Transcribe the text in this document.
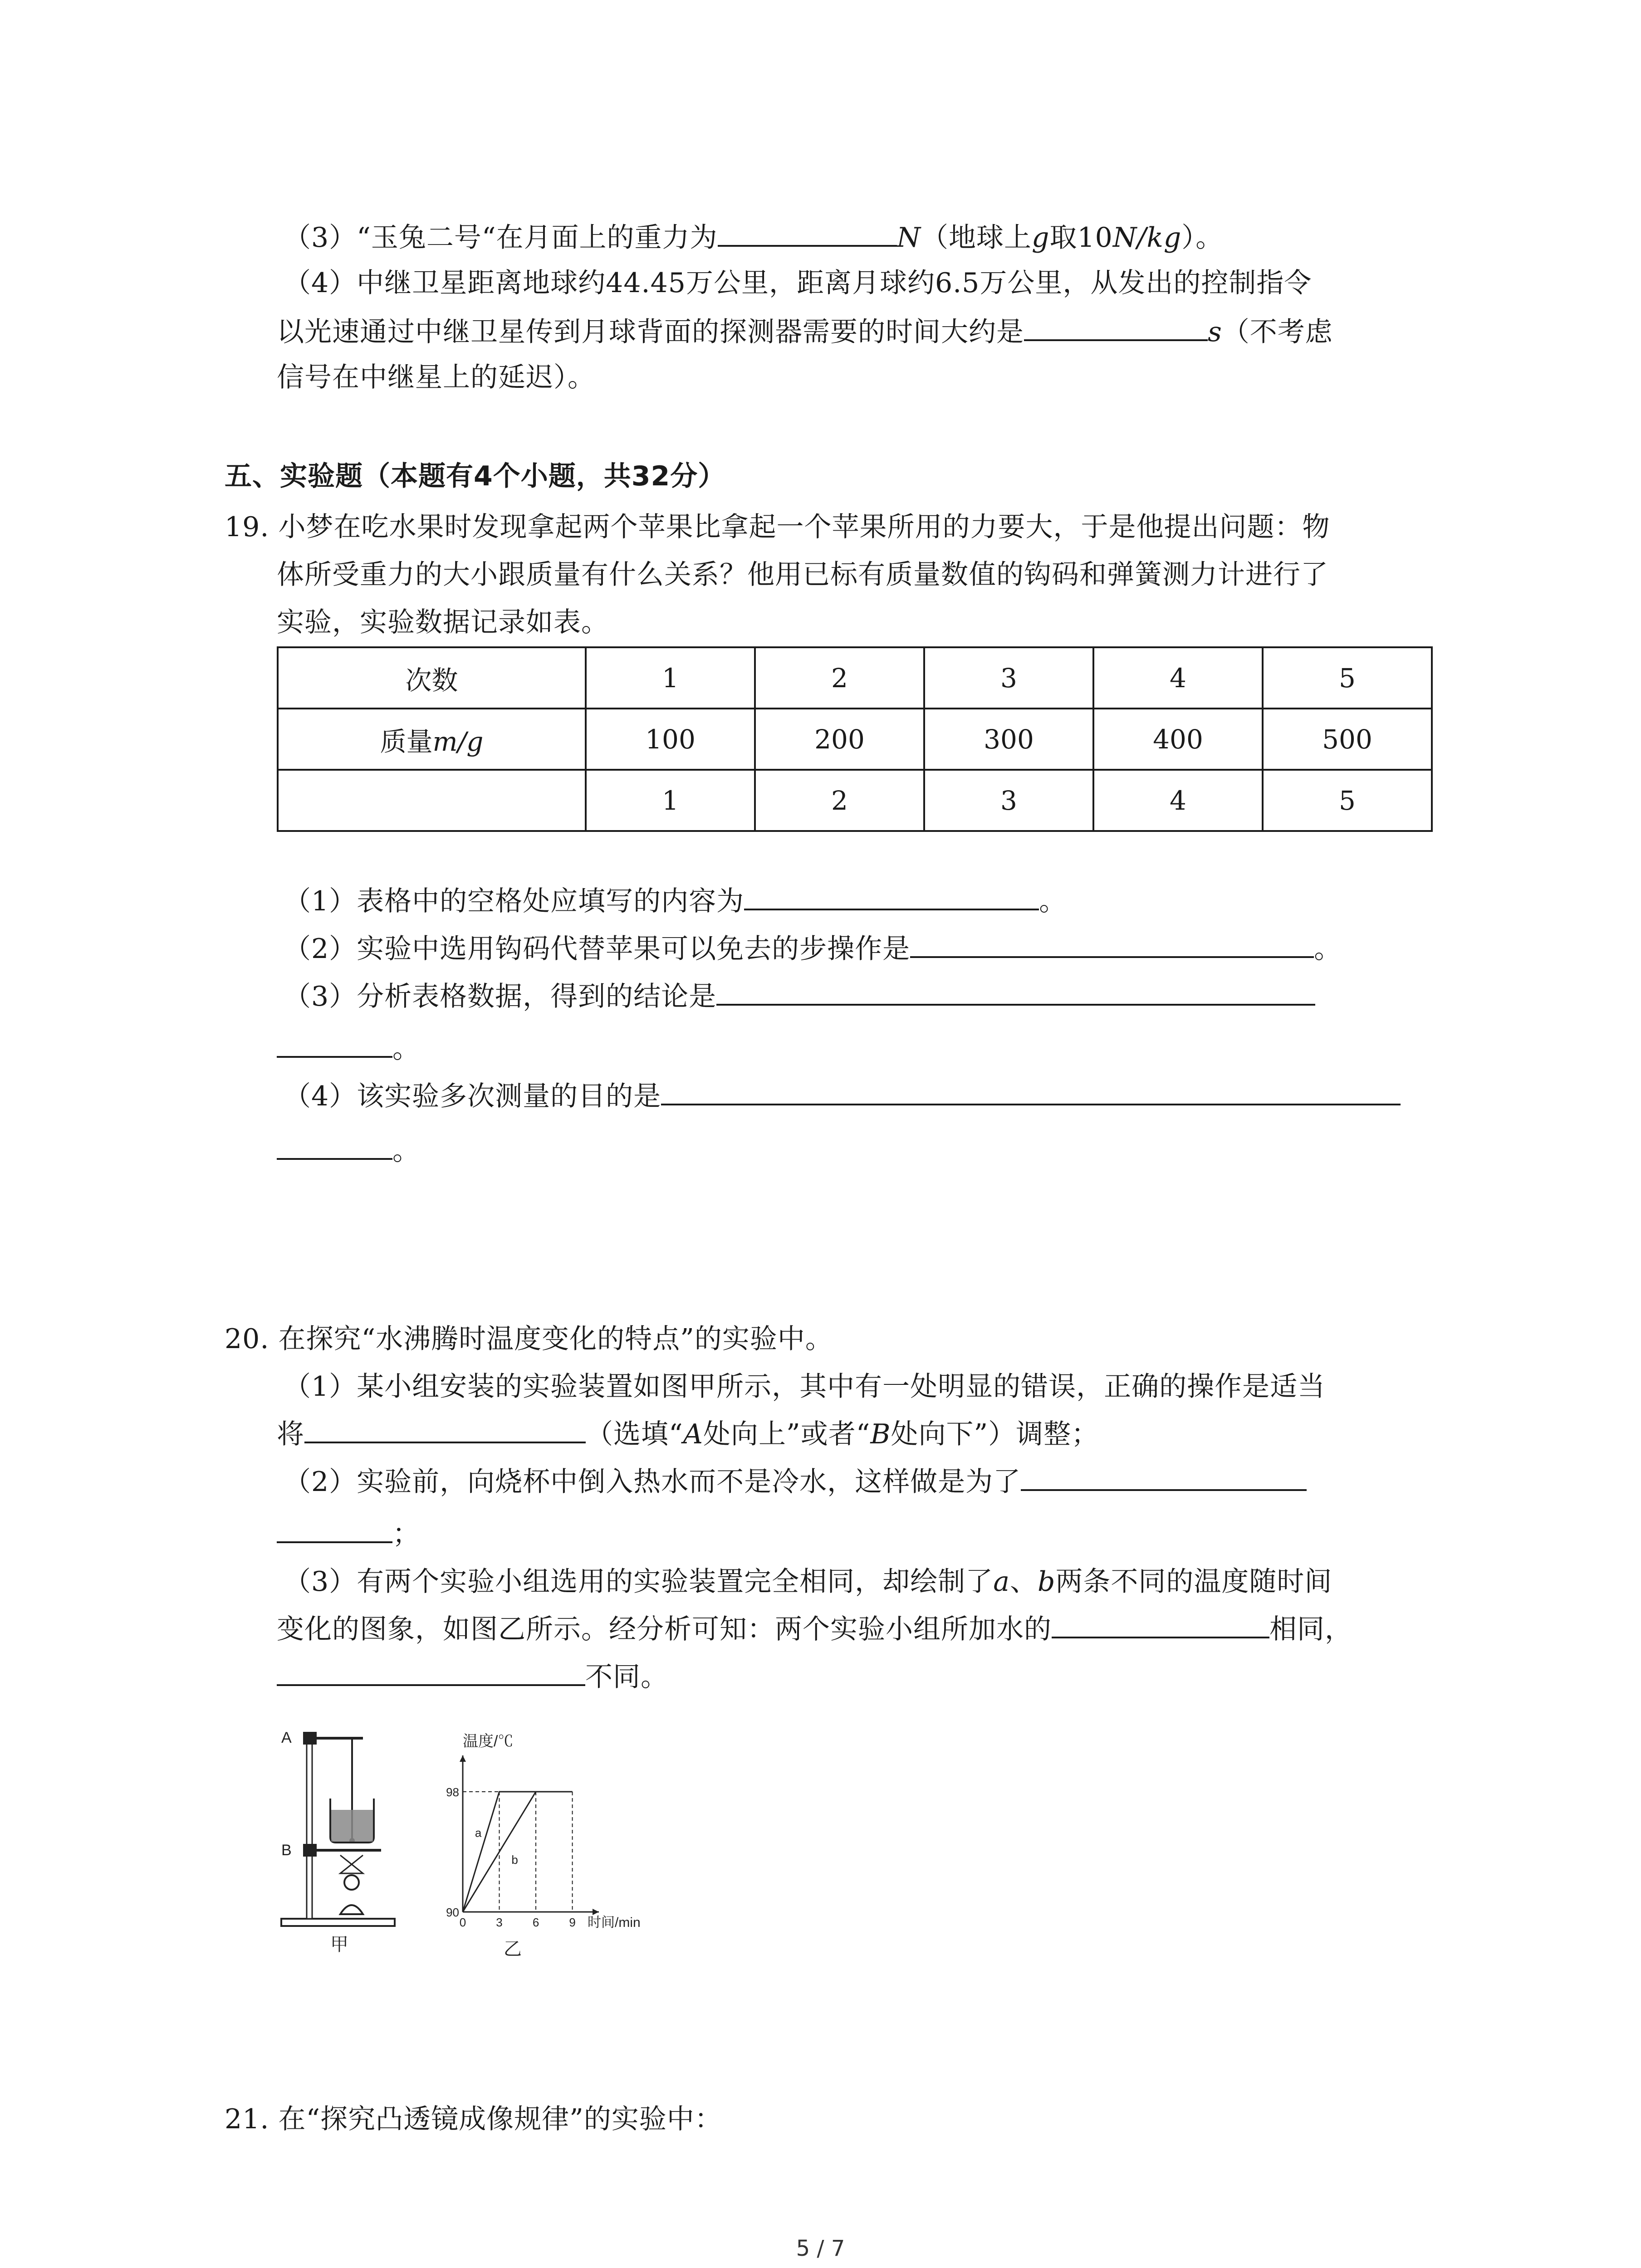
（3）“玉兔二号“在月面上的重力为	N（地球上g取10N/kg）。
（4）中继卫星距离地球约44.45万公里，距离月球约6.5万公里，从发出的控制指令
以光速通过中继卫星传到月球背面的探测器需要的时间大约是	s（不考虑
信号在中继星上的延迟）。
五、实验题（本题有4个小题，共32分）
19. 小梦在吃水果时发现拿起两个苹果比拿起一个苹果所用的力要大，于是他提出问题：物
体所受重力的大小跟质量有什么关系？他用已标有质量数值的钩码和弹簧测力计进行了
实验，实验数据记录如表。
次数	1	2	3	4	5
质量m/g	100	200	300	400	500
	1	2	3	4	5
（1）表格中的空格处应填写的内容为	。
（2）实验中选用钩码代替苹果可以免去的步操作是	。
（3）分析表格数据，得到的结论是
。
（4）该实验多次测量的目的是
。
20. 在探究“水沸腾时温度变化的特点”的实验中。
（1）某小组安装的实验装置如图甲所示，其中有一处明显的错误，正确的操作是适当
将	（选填“A处向上”或者“B处向下”）调整；
（2）实验前，向烧杯中倒入热水而不是冷水，这样做是为了
；
（3）有两个实验小组选用的实验装置完全相同，却绘制了a、b两条不同的温度随时间
变化的图象，如图乙所示。经分析可知：两个实验小组所加水的	相同，
不同。
A
B
甲
90
98
0	3	6	9
a
b
温度/℃
时间/min
乙
21. 在“探究凸透镜成像规律”的实验中：
5 / 7
